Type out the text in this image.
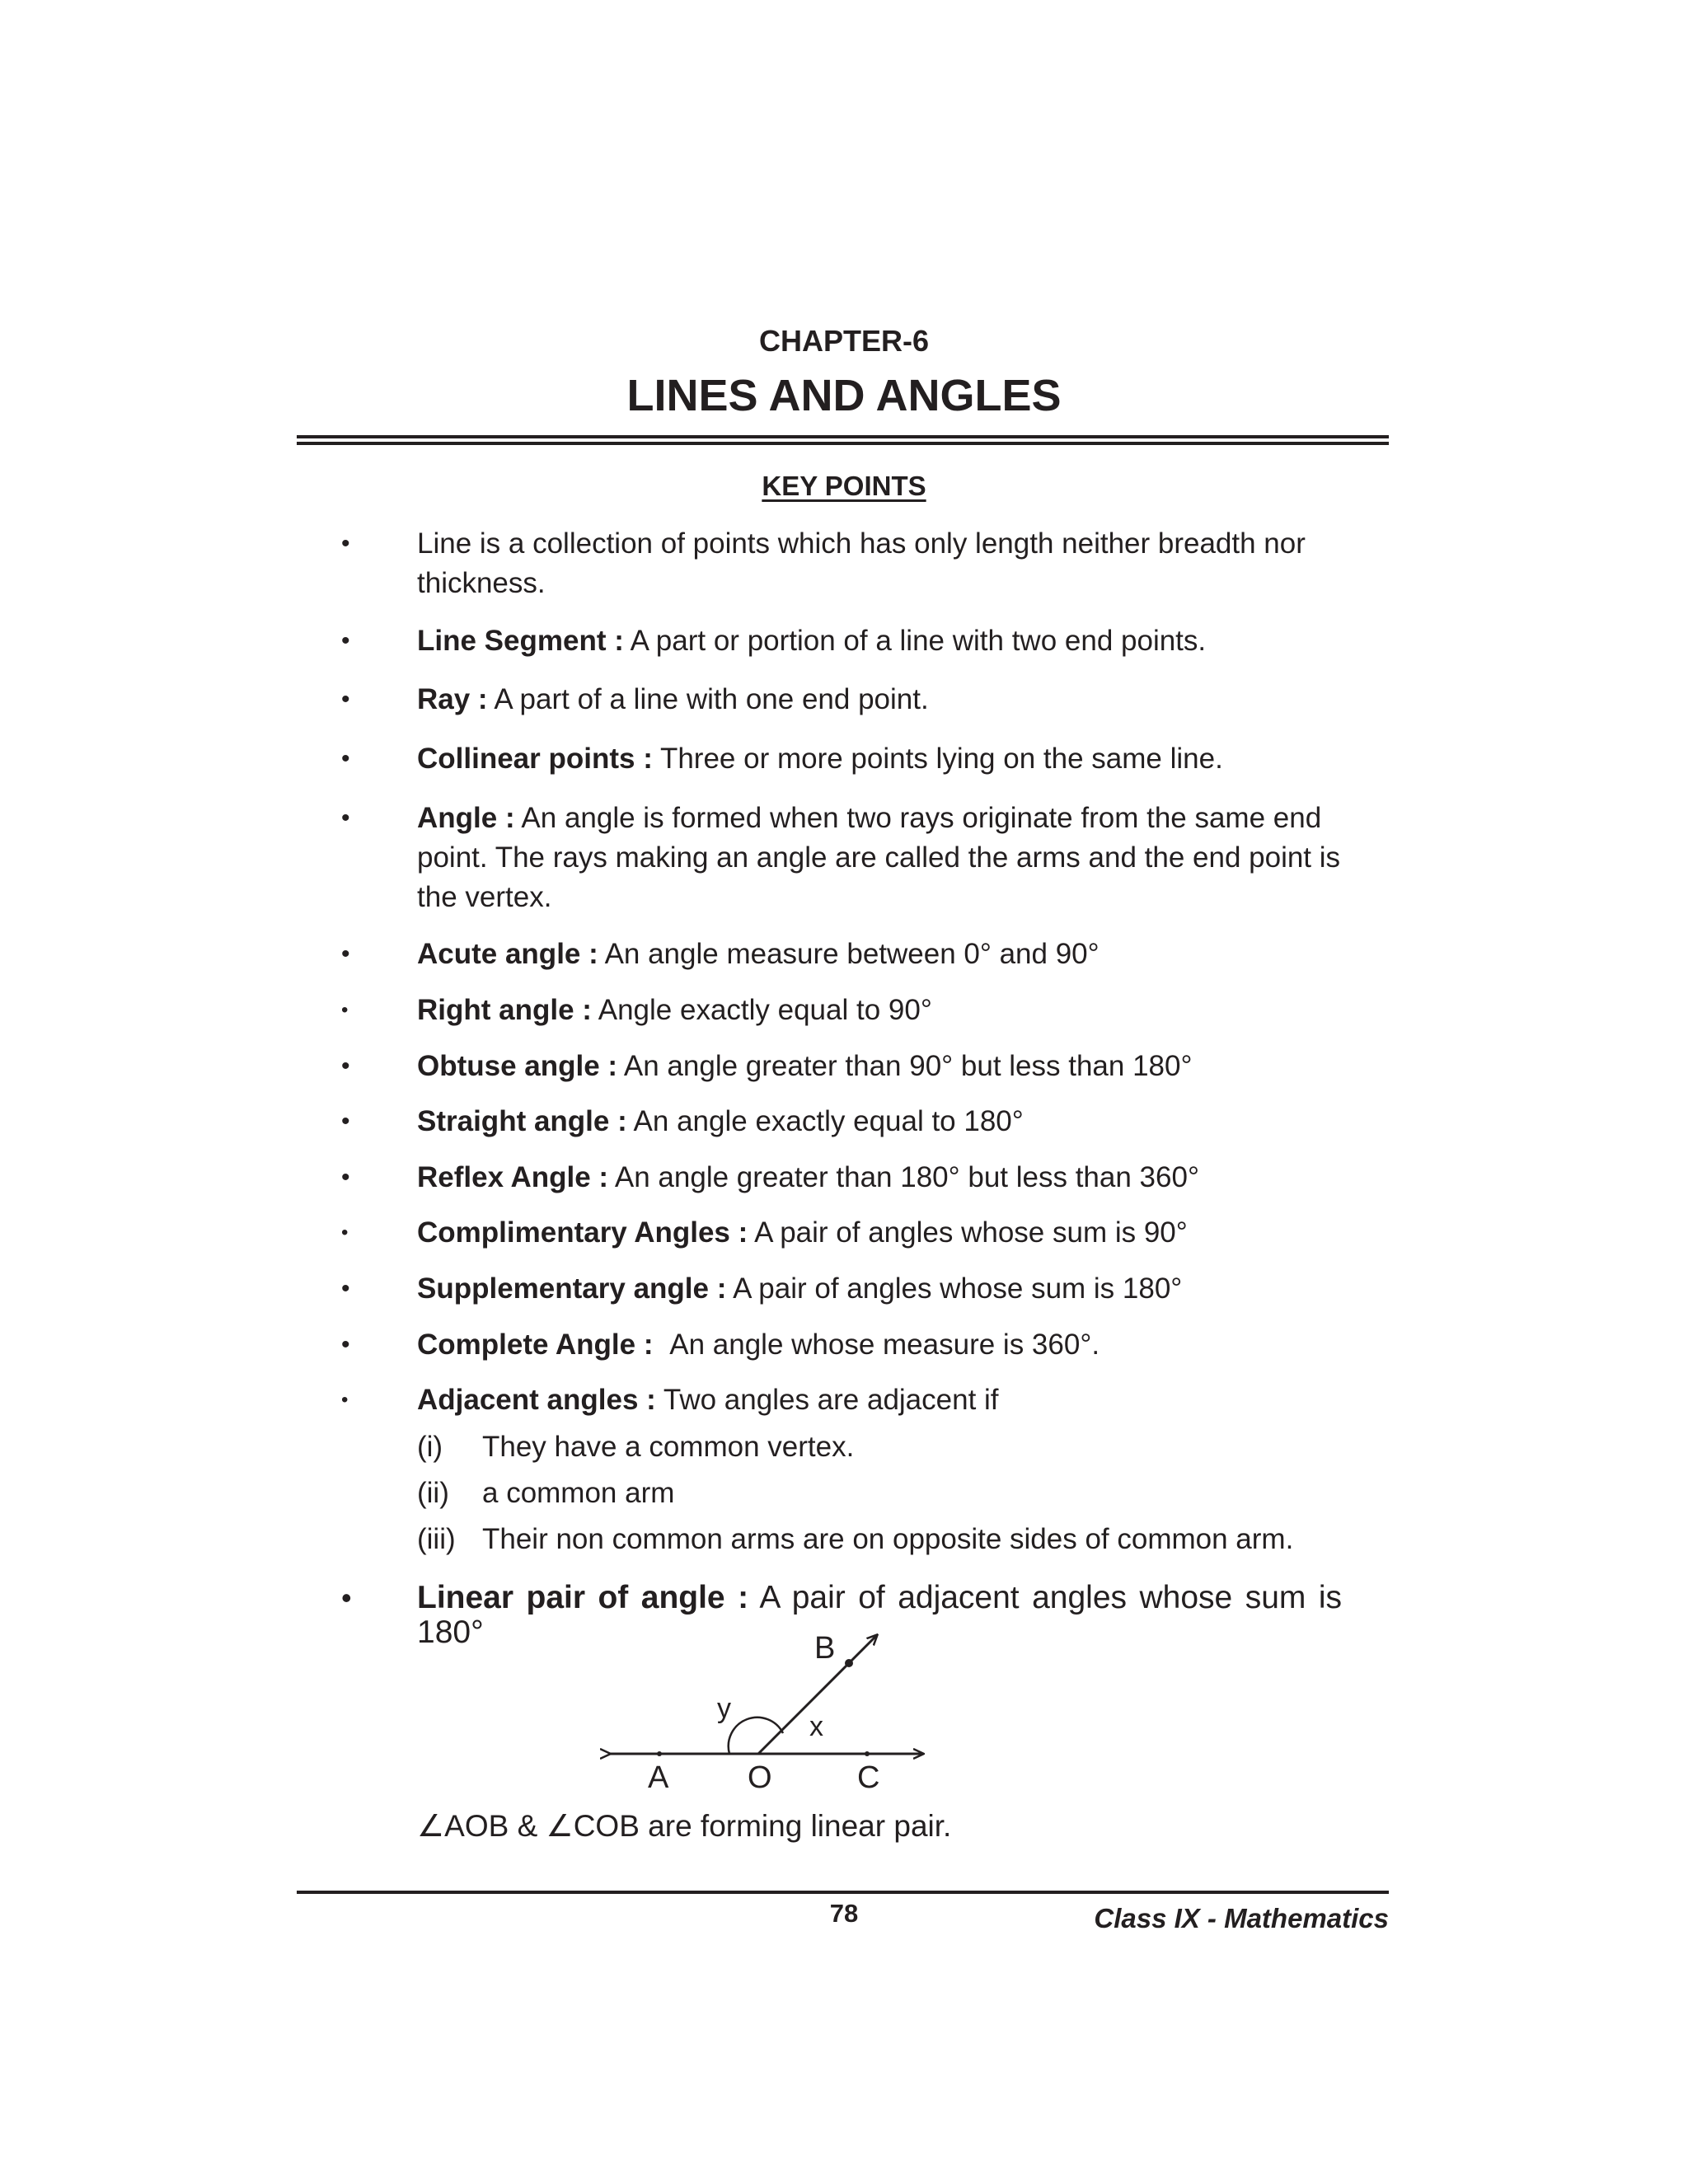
CHAPTER-6
LINES AND ANGLES
KEY POINTS
• Line is a collection of points which has only length neither breadth nor thickness.
• Line Segment : A part or portion of a line with two end points.
• Ray : A part of a line with one end point.
• Collinear points : Three or more points lying on the same line.
• Angle : An angle is formed when two rays originate from the same end point. The rays making an angle are called the arms and the end point is the vertex.
• Acute angle : An angle measure between 0° and 90°
• Right angle : Angle exactly equal to 90°
• Obtuse angle : An angle greater than 90° but less than 180°
• Straight angle : An angle exactly equal to 180°
• Reflex Angle : An angle greater than 180° but less than 360°
• Complimentary Angles : A pair of angles whose sum is 90°
• Supplementary angle : A pair of angles whose sum is 180°
• Complete Angle : An angle whose measure is 360°.
• Adjacent angles : Two angles are adjacent if
(i) They have a common vertex.
(ii) a common arm
(iii) Their non common arms are on opposite sides of common arm.
• Linear pair of angle : A pair of adjacent angles whose sum is
180°
A	O	C
B
x
y
∠AOB & ∠COB are forming linear pair.
78	Class IX - Mathematics
